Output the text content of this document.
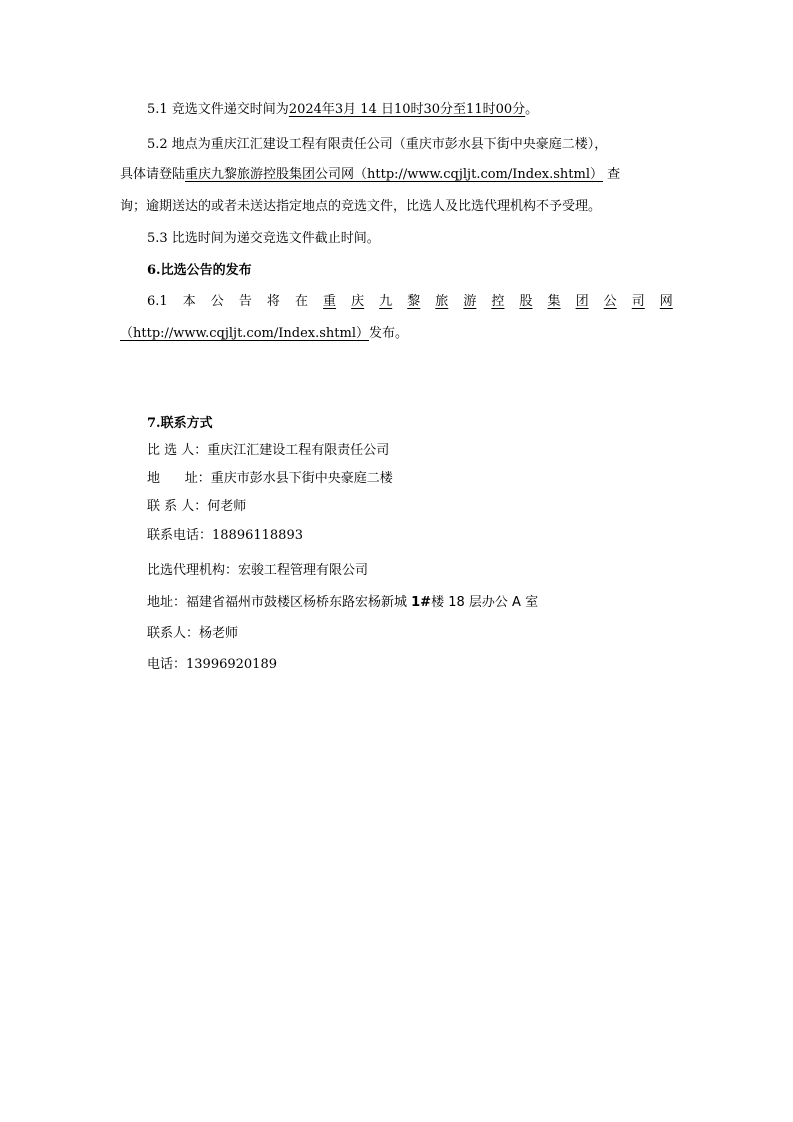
5.1 竞选文件递交时间为2024年3月 14 日10时30分至11时00分。
5.2 地点为重庆江汇建设工程有限责任公司（重庆市彭水县下街中央豪庭二楼），
具体请登陆重庆九黎旅游控股集团公司网（http://www.cqjljt.com/Index.shtml） 查
询；逾期送达的或者未送达指定地点的竞选文件，比选人及比选代理机构不予受理。
5.3 比选时间为递交竞选文件截止时间。
6.比选公告的发布
6.1 本 公 告 将 在 重 庆 九 黎 旅 游 控 股 集 团 公 司 网
（http://www.cqjljt.com/Index.shtml）发布。
7.联系方式
比 选 人：重庆江汇建设工程有限责任公司
地      址：重庆市彭水县下街中央豪庭二楼
联 系 人：何老师
联系电话：18896118893
比选代理机构：宏骏工程管理有限公司
地址：福建省福州市鼓楼区杨桥东路宏杨新城 1#楼 18 层办公 A 室
联系人：杨老师
电话：13996920189
